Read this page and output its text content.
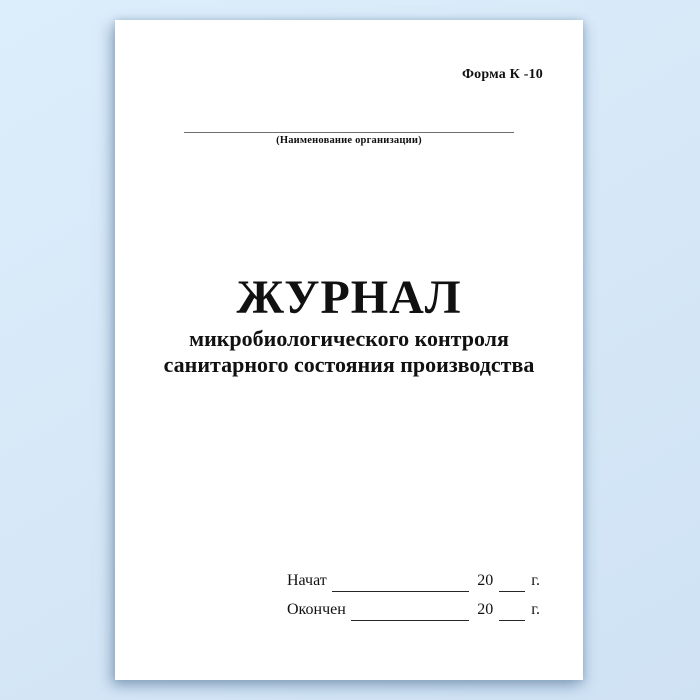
Форма К -10
(Наименование организации)
ЖУРНАЛ
микробиологического контроля
санитарного состояния производства
Начат	20 г.
Окончен	20 г.
